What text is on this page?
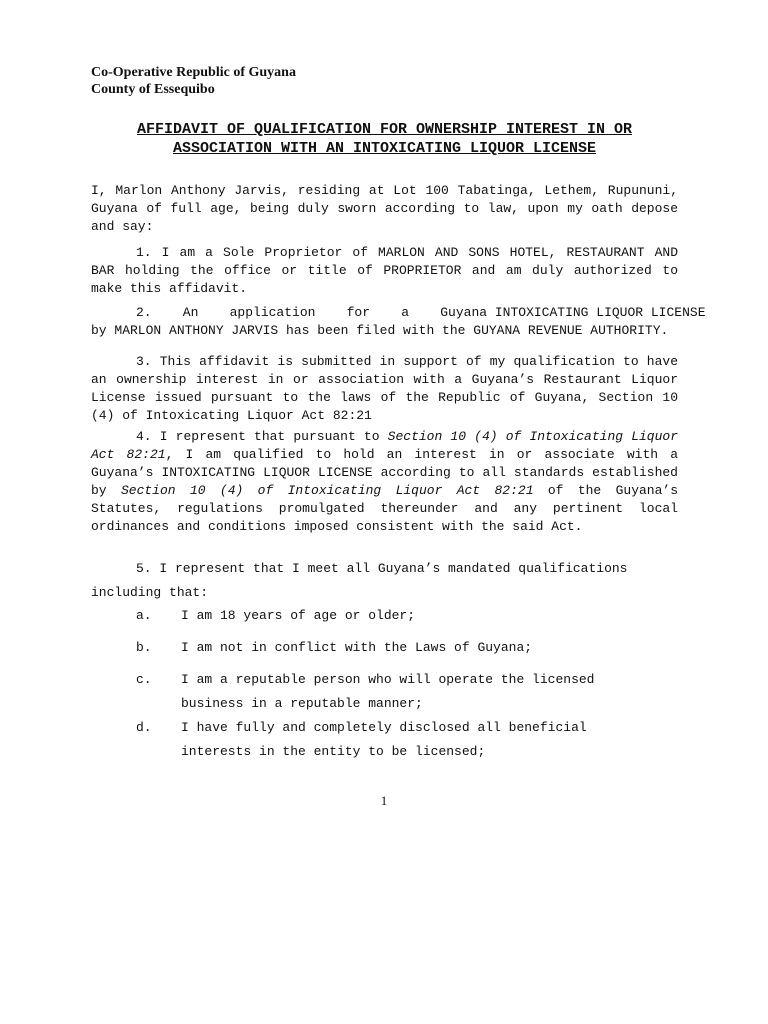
Co-Operative Republic of Guyana
County of Essequibo
AFFIDAVIT OF QUALIFICATION FOR OWNERSHIP INTEREST IN OR
ASSOCIATION WITH AN INTOXICATING LIQUOR LICENSE

I, Marlon Anthony Jarvis, residing at Lot 100 Tabatinga, Lethem, Rupununi, Guyana of full age, being duly sworn according to law, upon my oath depose and say:

1. I am a Sole Proprietor of MARLON AND SONS HOTEL, RESTAURANT AND BAR holding the office or title of PROPRIETOR and am duly authorized to make this affidavit.

2.    An    application    for    a    Guyana INTOXICATING LIQUOR LICENSE
by MARLON ANTHONY JARVIS has been filed with the GUYANA REVENUE AUTHORITY.

3. This affidavit is submitted in support of my qualification to have an ownership interest in or association with a Guyana’s Restaurant Liquor License issued pursuant to the laws of the Republic of Guyana, Section 10 (4) of Intoxicating Liquor Act 82:21

4. I represent that pursuant to Section 10 (4) of Intoxicating Liquor Act 82:21, I am qualified to hold an interest in or associate with a Guyana’s INTOXICATING LIQUOR LICENSE according to all standards established by Section 10 (4) of Intoxicating Liquor Act 82:21 of the Guyana’s Statutes, regulations promulgated thereunder and any pertinent local ordinances and conditions imposed consistent with the said Act.

5. I represent that I meet all Guyana’s mandated qualifications
including that:
a. I am 18 years of age or older;
b. I am not in conflict with the Laws of Guyana;
c. I am a reputable person who will operate the licensed
business in a reputable manner;
d. I have fully and completely disclosed all beneficial
interests in the entity to be licensed;
1
